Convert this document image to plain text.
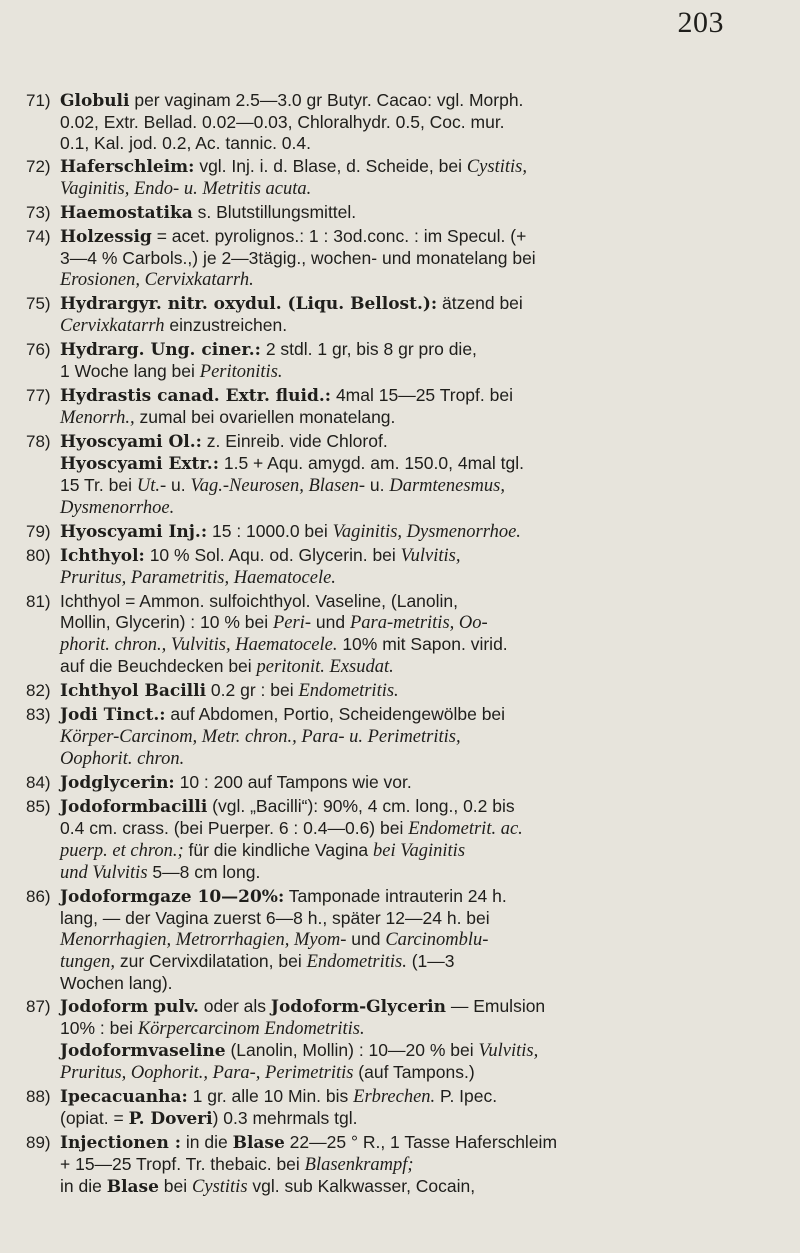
203
71) Globuli per vaginam 2.5—3.0 gr Butyr. Cacao: vgl. Morph.
0.02, Extr. Bellad. 0.02—0.03, Chloralhydr. 0.5, Coc. mur.
0.1, Kal. jod. 0.2, Ac. tannic. 0.4.
72) Haferschleim: vgl. Inj. i. d. Blase, d. Scheide, bei Cystitis,
Vaginitis, Endo- u. Metritis acuta.
73) Haemostatika s. Blutstillungsmittel.
74) Holzessig = acet. pyrolignos.: 1 : 3od.conc. : im Specul. (+
3—4 % Carbols.,) je 2—3tägig., wochen- und monatelang bei
Erosionen, Cervixkatarrh.
75) Hydrargyr. nitr. oxydul. (Liqu. Bellost.): ätzend bei
Cervixkatarrh einzustreichen.
76) Hydrarg. Ung. ciner.: 2 stdl. 1 gr, bis 8 gr pro die,
1 Woche lang bei Peritonitis.
77) Hydrastis canad. Extr. fluid.: 4mal 15—25 Tropf. bei
Menorrh., zumal bei ovariellen monatelang.
78) Hyoscyami Ol.: z. Einreib. vide Chlorof.
Hyoscyami Extr.: 1.5 + Aqu. amygd. am. 150.0, 4mal tgl.
15 Tr. bei Ut.- u. Vag.-Neurosen, Blasen- u. Darmtenesmus,
Dysmenorrhoe.
79) Hyoscyami Inj.: 15 : 1000.0 bei Vaginitis, Dysmenorrhoe.
80) Ichthyol: 10 % Sol. Aqu. od. Glycerin. bei Vulvitis,
Pruritus, Parametritis, Haematocele.
81) Ichthyol = Ammon. sulfoichthyol. Vaseline, (Lanolin,
Mollin, Glycerin) : 10 % bei Peri- und Para-metritis, Oo-
phorit. chron., Vulvitis, Haematocele. 10% mit Sapon. virid.
auf die Beuchdecken bei peritonit. Exsudat.
82) Ichthyol Bacilli 0.2 gr : bei Endometritis.
83) Jodi Tinct.: auf Abdomen, Portio, Scheidengewölbe bei
Körper-Carcinom, Metr. chron., Para- u. Perimetritis,
Oophorit. chron.
84) Jodglycerin: 10 : 200 auf Tampons wie vor.
85) Jodoformbacilli (vgl. „Bacilli“): 90%, 4 cm. long., 0.2 bis
0.4 cm. crass. (bei Puerper. 6 : 0.4—0.6) bei Endometrit. ac.
puerp. et chron.; für die kindliche Vagina bei Vaginitis
und Vulvitis 5—8 cm long.
86) Jodoformgaze 10—20%: Tamponade intrauterin 24 h.
lang, — der Vagina zuerst 6—8 h., später 12—24 h. bei
Menorrhagien, Metrorrhagien, Myom- und Carcinomblu-
tungen, zur Cervixdilatation, bei Endometritis. (1—3
Wochen lang).
87) Jodoform pulv. oder als Jodoform-Glycerin — Emulsion
10% : bei Körpercarcinom Endometritis.
Jodoformvaseline (Lanolin, Mollin) : 10—20 % bei Vulvitis,
Pruritus, Oophorit., Para-, Perimetritis (auf Tampons.)
88) Ipecacuanha: 1 gr. alle 10 Min. bis Erbrechen. P. Ipec.
(opiat. = P. Doveri) 0.3 mehrmals tgl.
89) Injectionen : in die Blase 22—25 ° R., 1 Tasse Haferschleim
+ 15—25 Tropf. Tr. thebaic. bei Blasenkrampf;
in die Blase bei Cystitis vgl. sub Kalkwasser, Cocain,
